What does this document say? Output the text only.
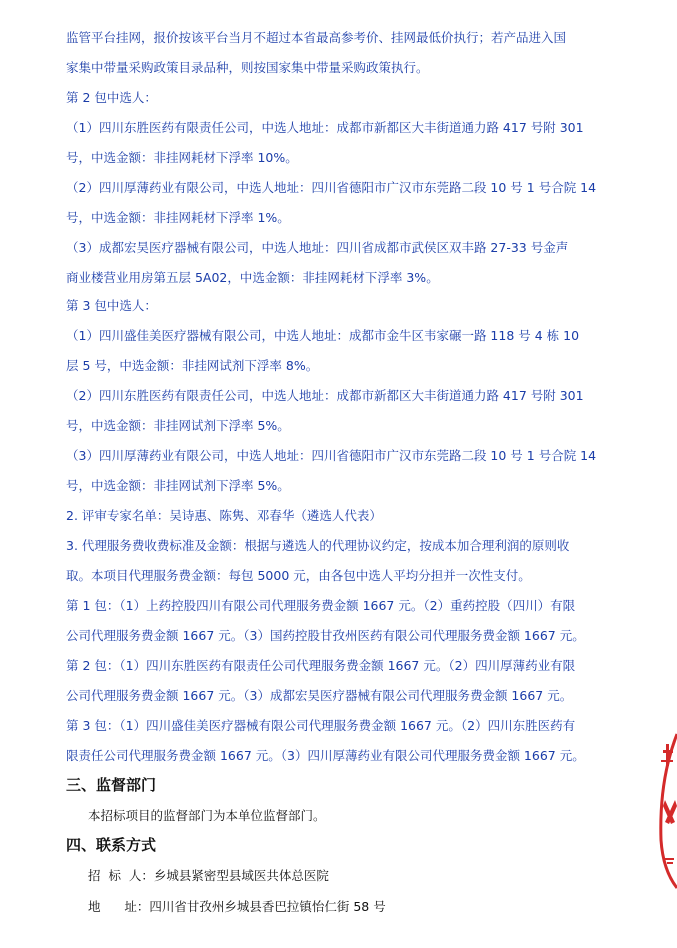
监管平台挂网，报价按该平台当月不超过本省最高参考价、挂网最低价执行；若产品进入国
家集中带量采购政策目录品种，则按国家集中带量采购政策执行。
第 2 包中选人：
（1）四川东胜医药有限责任公司，中选人地址：成都市新都区大丰街道通力路 417 号附 301
号，中选金额：非挂网耗材下浮率 10%。
（2）四川厚薄药业有限公司，中选人地址：四川省德阳市广汉市东莞路二段 10 号 1 号合院 14
号，中选金额：非挂网耗材下浮率 1%。
（3）成都宏昊医疗器械有限公司，中选人地址：四川省成都市武侯区双丰路 27-33 号金声
商业楼营业用房第五层 5A02，中选金额：非挂网耗材下浮率 3%。
第 3 包中选人：
（1）四川盛佳美医疗器械有限公司，中选人地址：成都市金牛区韦家碾一路 118 号 4 栋 10
层 5 号，中选金额：非挂网试剂下浮率 8%。
（2）四川东胜医药有限责任公司，中选人地址：成都市新都区大丰街道通力路 417 号附 301
号，中选金额：非挂网试剂下浮率 5%。
（3）四川厚薄药业有限公司，中选人地址：四川省德阳市广汉市东莞路二段 10 号 1 号合院 14
号，中选金额：非挂网试剂下浮率 5%。
2. 评审专家名单：吴诗惠、陈隽、邓春华（遴选人代表）
3. 代理服务费收费标准及金额：根据与遴选人的代理协议约定，按成本加合理利润的原则收
取。本项目代理服务费金额：每包 5000 元，由各包中选人平均分担并一次性支付。
第 1 包：（1）上药控股四川有限公司代理服务费金额 1667 元。（2）重药控股（四川）有限
公司代理服务费金额 1667 元。（3）国药控股甘孜州医药有限公司代理服务费金额 1667 元。
第 2 包：（1）四川东胜医药有限责任公司代理服务费金额 1667 元。（2）四川厚薄药业有限
公司代理服务费金额 1667 元。（3）成都宏昊医疗器械有限公司代理服务费金额 1667 元。
第 3 包：（1）四川盛佳美医疗器械有限公司代理服务费金额 1667 元。（2）四川东胜医药有
限责任公司代理服务费金额 1667 元。（3）四川厚薄药业有限公司代理服务费金额 1667 元。
三、监督部门
本招标项目的监督部门为本单位监督部门。
四、联系方式
招  标  人：乡城县紧密型县域医共体总医院
地      址：四川省甘孜州乡城县香巴拉镇怡仁街 58 号
